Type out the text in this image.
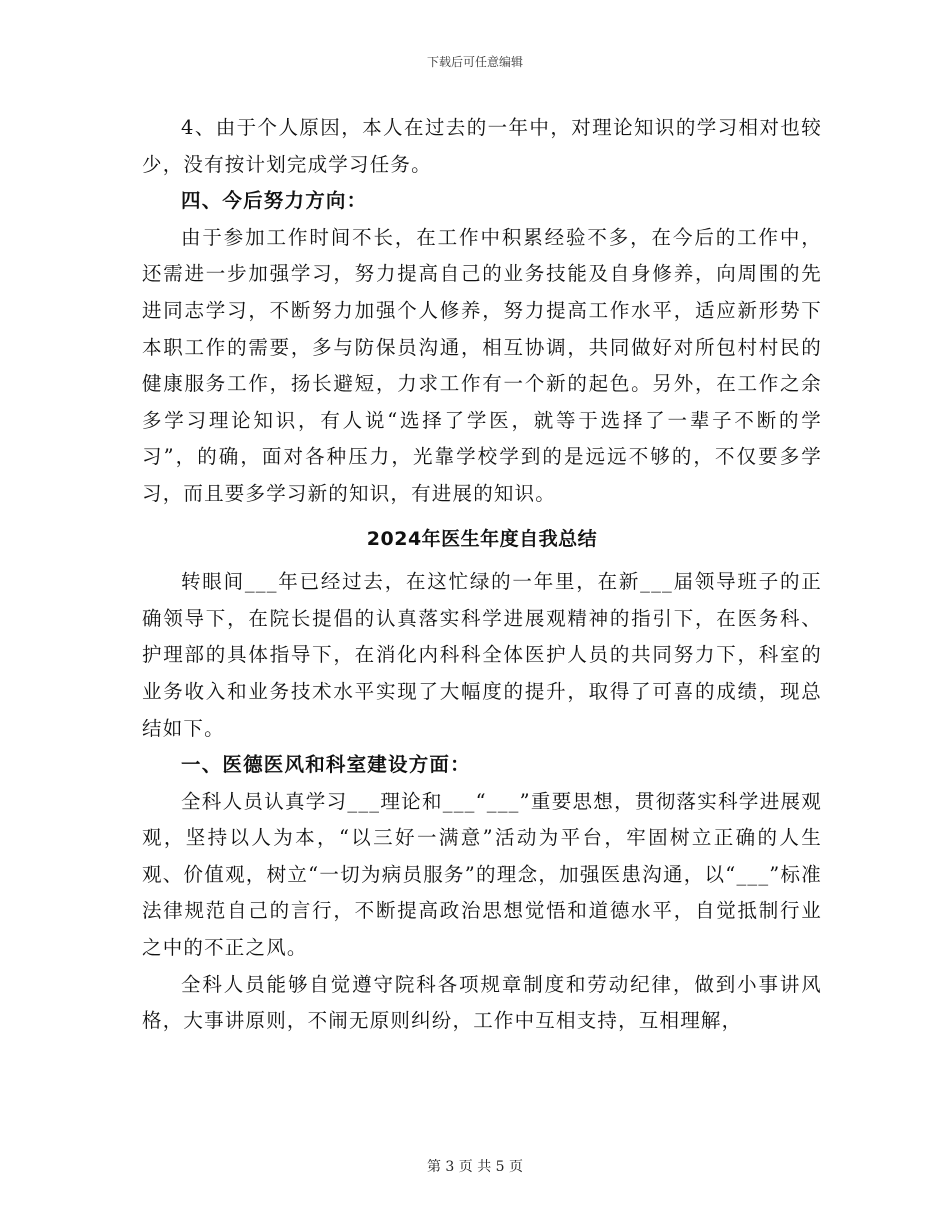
下载后可任意编辑

4、由于个人原因，本人在过去的一年中，对理论知识的学习相对也较少，没有按计划完成学习任务。

四、今后努力方向：

由于参加工作时间不长，在工作中积累经验不多，在今后的工作中，还需进一步加强学习，努力提高自己的业务技能及自身修养，向周围的先进同志学习，不断努力加强个人修养，努力提高工作水平，适应新形势下本职工作的需要，多与防保员沟通，相互协调，共同做好对所包村村民的健康服务工作，扬长避短，力求工作有一个新的起色。另外，在工作之余多学习理论知识，有人说“选择了学医，就等于选择了一辈子不断的学习”，的确，面对各种压力，光靠学校学到的是远远不够的，不仅要多学习，而且要多学习新的知识，有进展的知识。

2024年医生年度自我总结

转眼间___年已经过去，在这忙绿的一年里，在新___届领导班子的正确领导下，在院长提倡的认真落实科学进展观精神的指引下，在医务科、护理部的具体指导下，在消化内科科全体医护人员的共同努力下，科室的业务收入和业务技术水平实现了大幅度的提升，取得了可喜的成绩，现总结如下。

一、医德医风和科室建设方面：

全科人员认真学习___理论和___“___”重要思想，贯彻落实科学进展观观，坚持以人为本，“以三好一满意”活动为平台，牢固树立正确的人生观、价值观，树立“一切为病员服务”的理念，加强医患沟通，以“___”标准法律规范自己的言行，不断提高政治思想觉悟和道德水平，自觉抵制行业之中的不正之风。

全科人员能够自觉遵守院科各项规章制度和劳动纪律，做到小事讲风格，大事讲原则，不闹无原则纠纷，工作中互相支持，互相理解，

第 3 页 共 5 页
